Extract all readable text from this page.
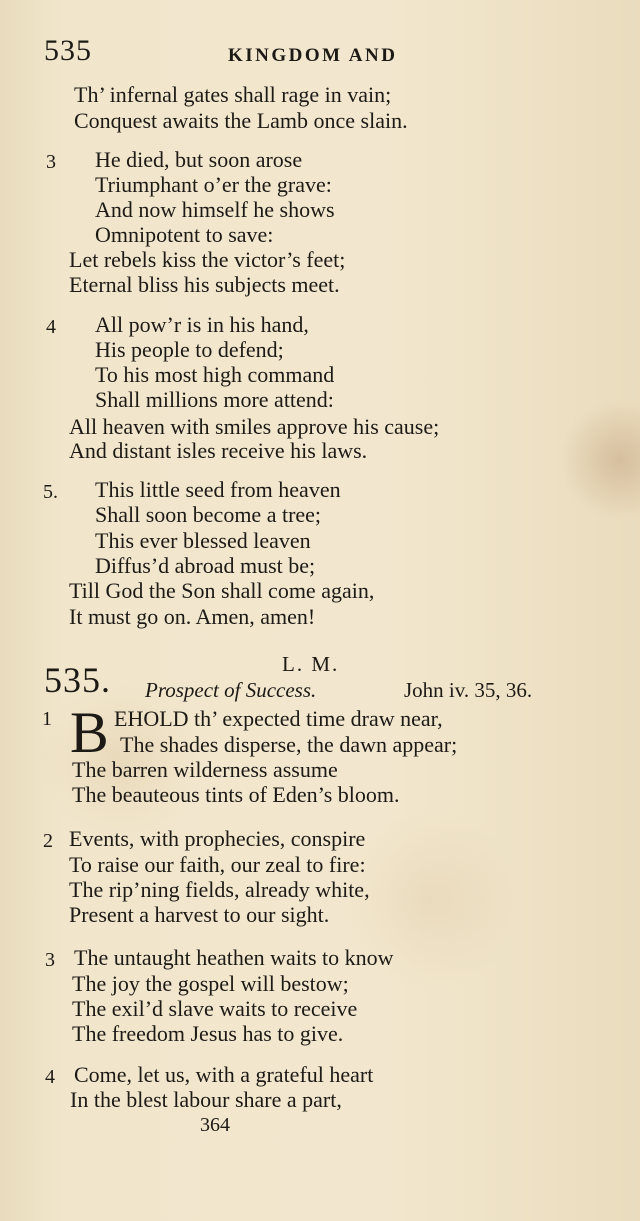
535	KINGDOM AND
Th’ infernal gates shall rage in vain;
Conquest awaits the Lamb once slain.
3 He died, but soon arose
Triumphant o’er the grave:
And now himself he shows
Omnipotent to save:
Let rebels kiss the victor’s feet;
Eternal bliss his subjects meet.
4 All pow’r is in his hand,
His people to defend;
To his most high command
Shall millions more attend:
All heaven with smiles approve his cause;
And distant isles receive his laws.
5. This little seed from heaven
Shall soon become a tree;
This ever blessed leaven
Diffus’d abroad must be;
Till God the Son shall come again,
It must go on. Amen, amen!
L. M.
535. Prospect of Success.	John iv. 35, 36.
1 B EHOLD th’ expected time draw near,
The shades disperse, the dawn appear;
The barren wilderness assume
The beauteous tints of Eden’s bloom.
2 Events, with prophecies, conspire
To raise our faith, our zeal to fire:
The rip’ning fields, already white,
Present a harvest to our sight.
3 The untaught heathen waits to know
The joy the gospel will bestow;
The exil’d slave waits to receive
The freedom Jesus has to give.
4 Come, let us, with a grateful heart
In the blest labour share a part,
364
